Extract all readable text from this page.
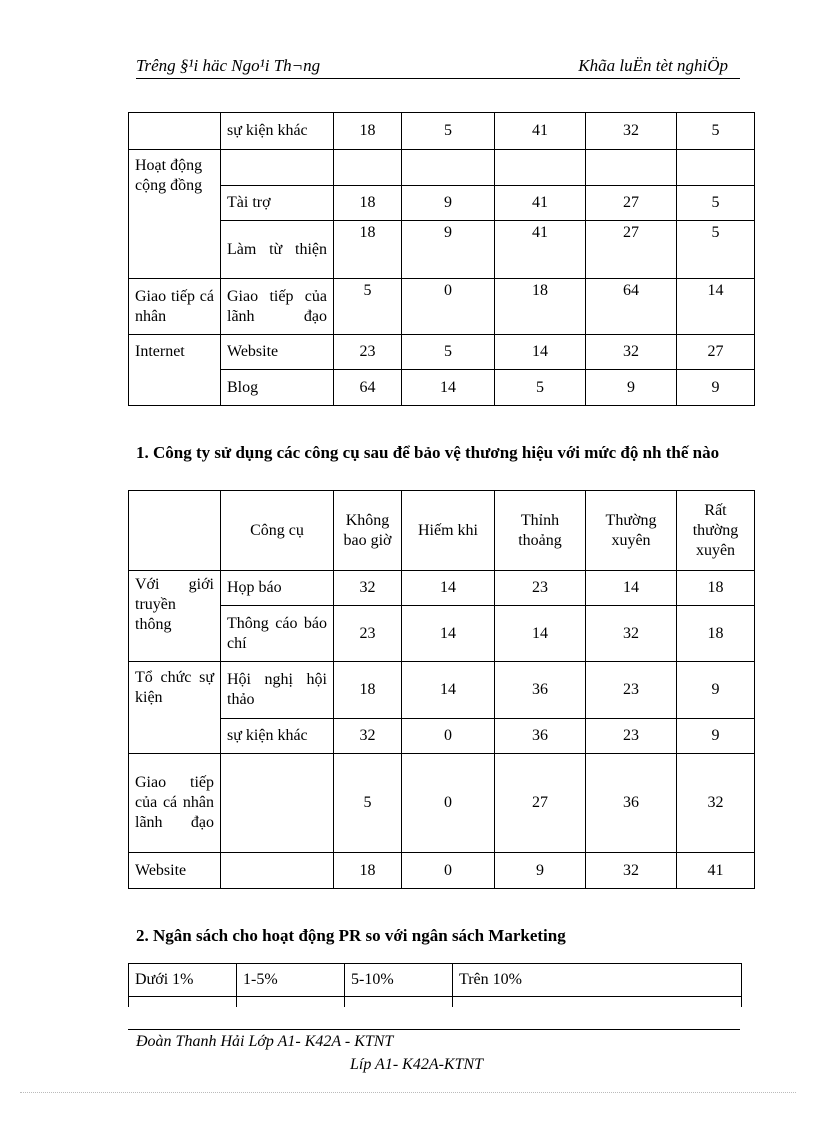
Trêng §¹i häc Ngo¹i Th¬ng	Khãa luËn tèt nghiÖp
	sự kiện khác	18	5	41	32	5
Hoạt động cộng đồng						
	Tài trợ	18	9	41	27	5
	Làm từ thiện	18	9	41	27	5
Giao tiếp cá nhân	Giao tiếp của lãnh đạo	5	0	18	64	14
Internet	Website	23	5	14	32	27
	Blog	64	14	5	9	9
1. Công ty sử dụng các công cụ sau để bảo vệ thương hiệu với mức độ nh thế nào
	Công cụ	Không bao giờ	Hiếm khi	Thỉnh thoảng	Thường xuyên	Rất thường xuyên
Với giới truyền thông	Họp báo	32	14	23	14	18
	Thông cáo báo chí	23	14	14	32	18
Tổ chức sự kiện	Hội nghị hội thảo	18	14	36	23	9
	sự kiện khác	32	0	36	23	9
Giao tiếp của cá nhân lãnh đạo		5	0	27	36	32
Website		18	0	9	32	41
2. Ngân sách cho hoạt động PR so với ngân sách Marketing
Dưới 1%	1-5%	5-10%	Trên 10%

Đoàn Thanh Hải Lớp A1- K42A - KTNT
Líp A1- K42A-KTNT
